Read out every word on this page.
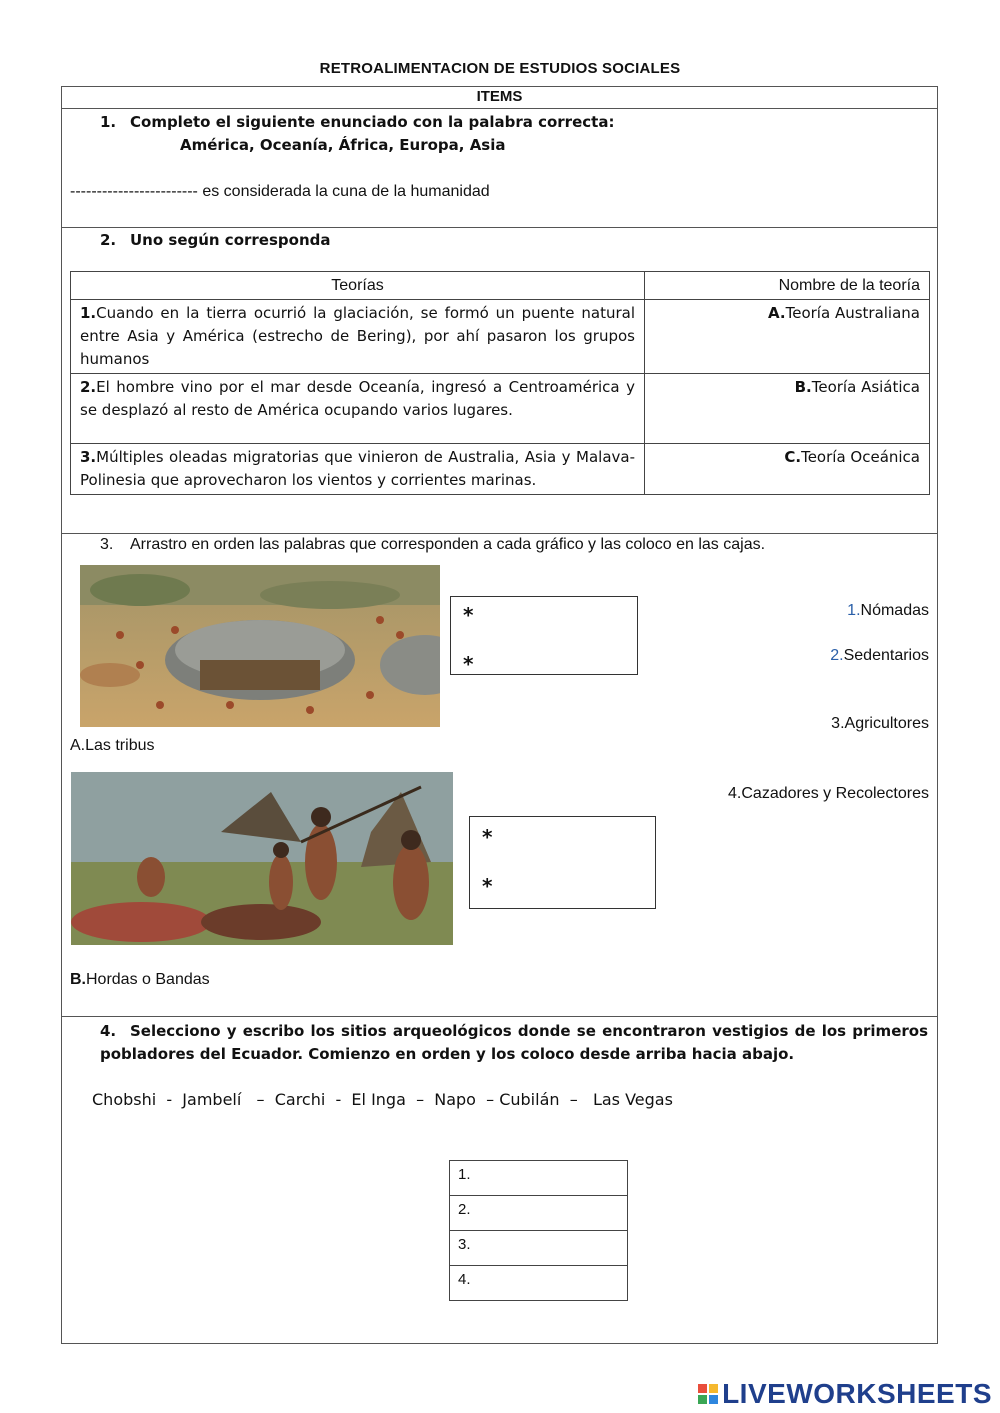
RETROALIMENTACION DE ESTUDIOS SOCIALES
ITEMS
1. Completo el siguiente enunciado con la palabra correcta:
América, Oceanía, África, Europa, Asia
------------------------ es considerada la cuna de la humanidad
2. Uno según corresponda
Teorías	Nombre de la teoría
1.Cuando en la tierra ocurrió la glaciación, se formó un puente natural entre Asia y América (estrecho de Bering), por ahí pasaron los grupos humanos	A.Teoría Australiana
2.El hombre vino por el mar desde Oceanía, ingresó a Centroamérica y se desplazó al resto de América ocupando varios lugares.	B.Teoría Asiática
3.Múltiples oleadas migratorias que vinieron de Australia, Asia y Malava-Polinesia que aprovecharon los vientos y corrientes marinas.	C.Teoría Oceánica
3. Arrastro en orden las palabras que corresponden a cada gráfico y las coloco en las cajas.
*
*
A.Las tribus
*
*
B.Hordas o Bandas
1.Nómadas
2.Sedentarios
3.Agricultores
4.Cazadores y Recolectores
4. Selecciono y escribo los sitios arqueológicos donde se encontraron vestigios de los primeros pobladores del Ecuador. Comienzo en orden y los coloco desde arriba hacia abajo.
Chobshi  -  Jambelí   –  Carchi  -  El Inga  –  Napo  – Cubilán  –   Las Vegas
1.
2.
3.
4.
LIVEWORKSHEETS
